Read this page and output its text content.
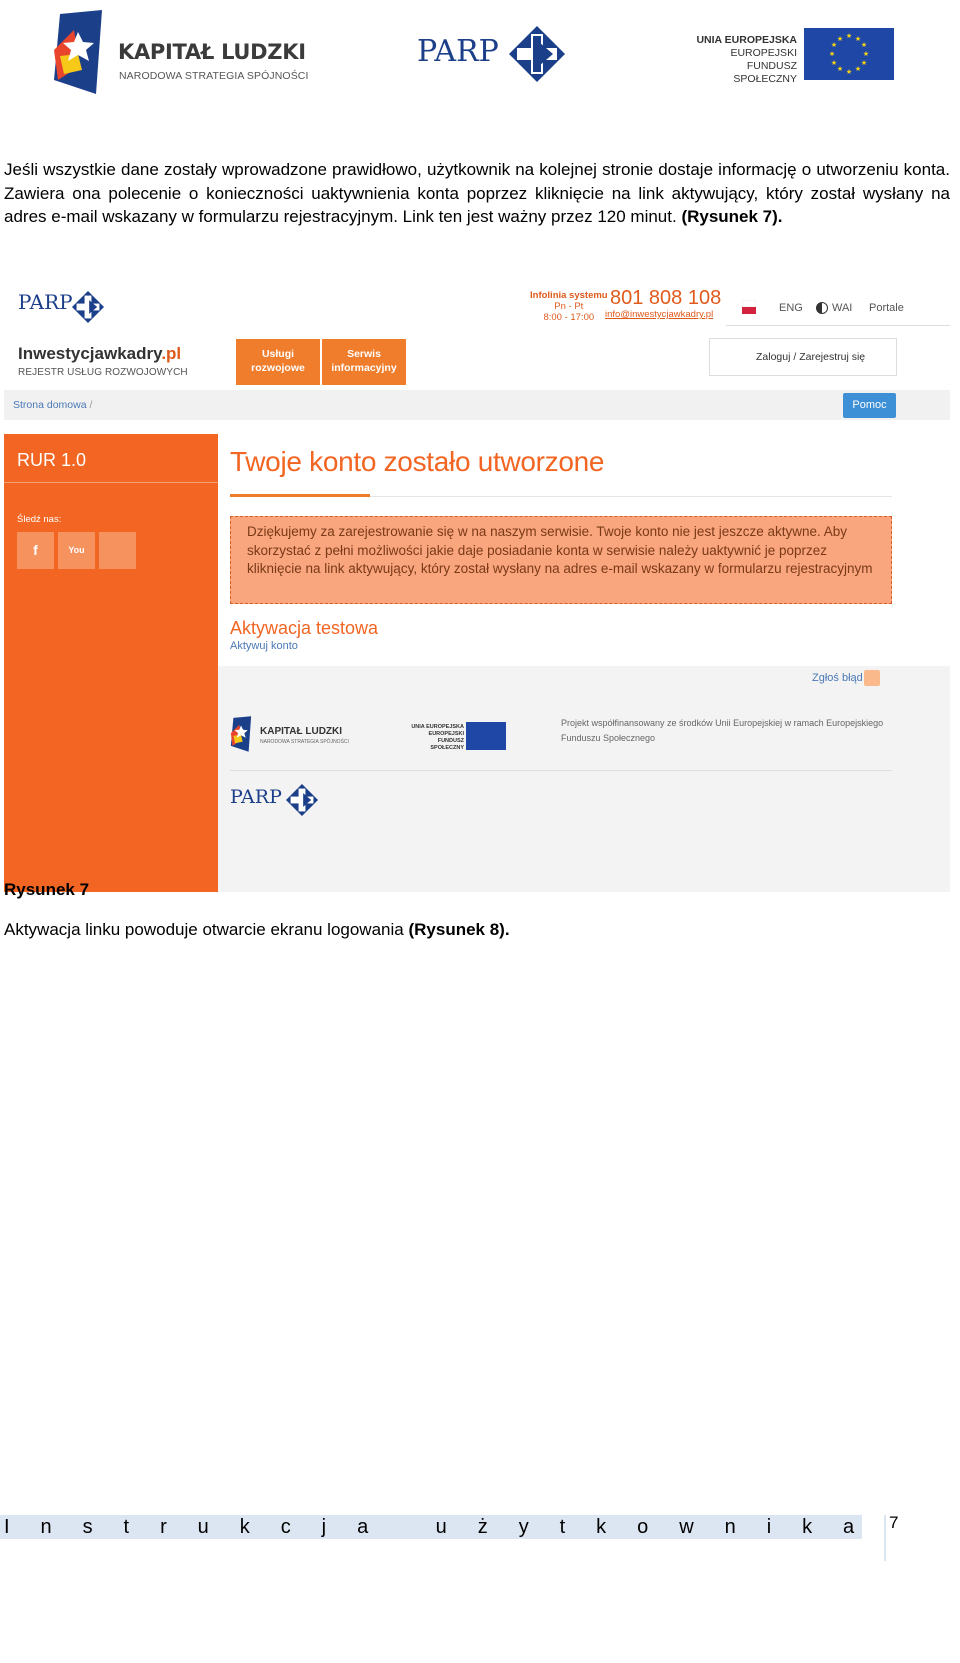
KAPITAŁ LUDZKI
NARODOWA STRATEGIA SPÓJNOŚCI
PARP	UNIA EUROPEJSKA
EUROPEJSKI
FUNDUSZ SPOŁECZNY
★ ★
★
★
★
★
★
★
★
★
★
★

Jeśli wszystkie dane zostały wprowadzone prawidłowo, użytkownik na kolejnej stronie dostaje informację o utworzeniu konta. Zawiera ona polecenie o konieczności uaktywnienia konta poprzez kliknięcie na link aktywujący, który został wysłany na adres e-mail wskazany w formularzu rejestracyjnym. Link ten jest ważny przez 120 minut. (Rysunek 7).

PARP	Infolinia systemu
Pn - Pt
8:00 - 17:00
801 808 108
info@inwestycjawkadry.pl
ENG	WAI Portale
Inwestycjawkadry.pl
REJESTR USŁUG ROZWOJOWYCH
Usługi
rozwojowe
Serwis
informacyjny
Zaloguj / Zarejestruj się
Strona domowa /	Pomoc
RUR 1.0
Śledź nas:
f	You
Twoje konto zostało utworzone
Dziękujemy za zarejestrowanie się w na naszym serwisie. Twoje konto nie jest jeszcze aktywne. Aby skorzystać z pełni możliwości jakie daje posiadanie konta w serwisie należy uaktywnić je poprzez kliknięcie na link aktywujący, który został wysłany na adres e-mail wskazany w formularzu rejestracyjnym
Aktywacja testowa
Aktywuj konto
Zgłoś błąd
KAPITAŁ LUDZKI
NARODOWA STRATEGIA SPÓJNOŚCI
UNIA EUROPEJSKA
EUROPEJSKI
FUNDUSZ SPOŁECZNY
Projekt współfinansowany ze środków Unii Europejskiej w ramach Europejskiego Funduszu Społecznego
PARP

Rysunek 7

Aktywacja linku powoduje otwarcie ekranu logowania (Rysunek 8).

I n s t r u k c j a   u ż y t k o w n i k a 7
